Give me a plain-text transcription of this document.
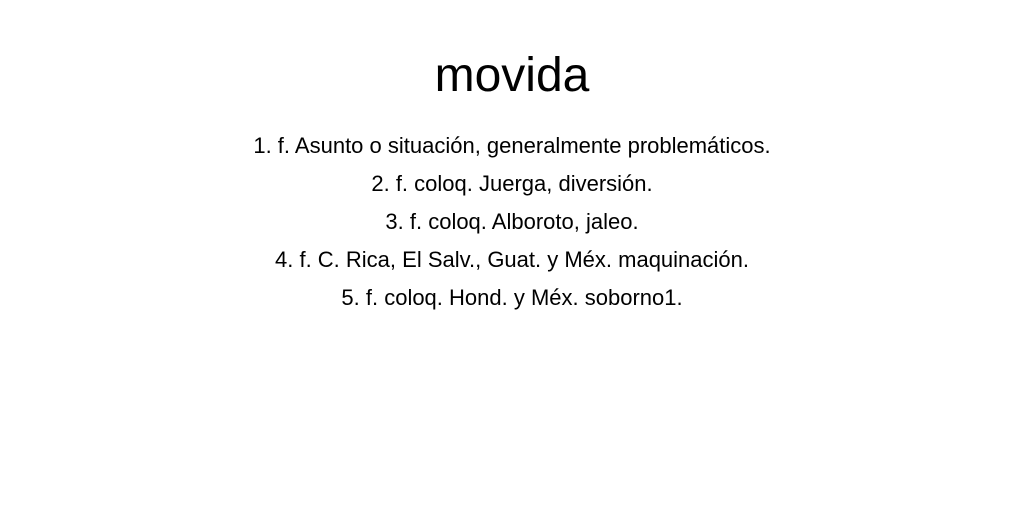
movida
1. f. Asunto o situación, generalmente problemáticos.
2. f. coloq. Juerga, diversión.
3. f. coloq. Alboroto, jaleo.
4. f. C. Rica, El Salv., Guat. y Méx. maquinación.
5. f. coloq. Hond. y Méx. soborno1.
